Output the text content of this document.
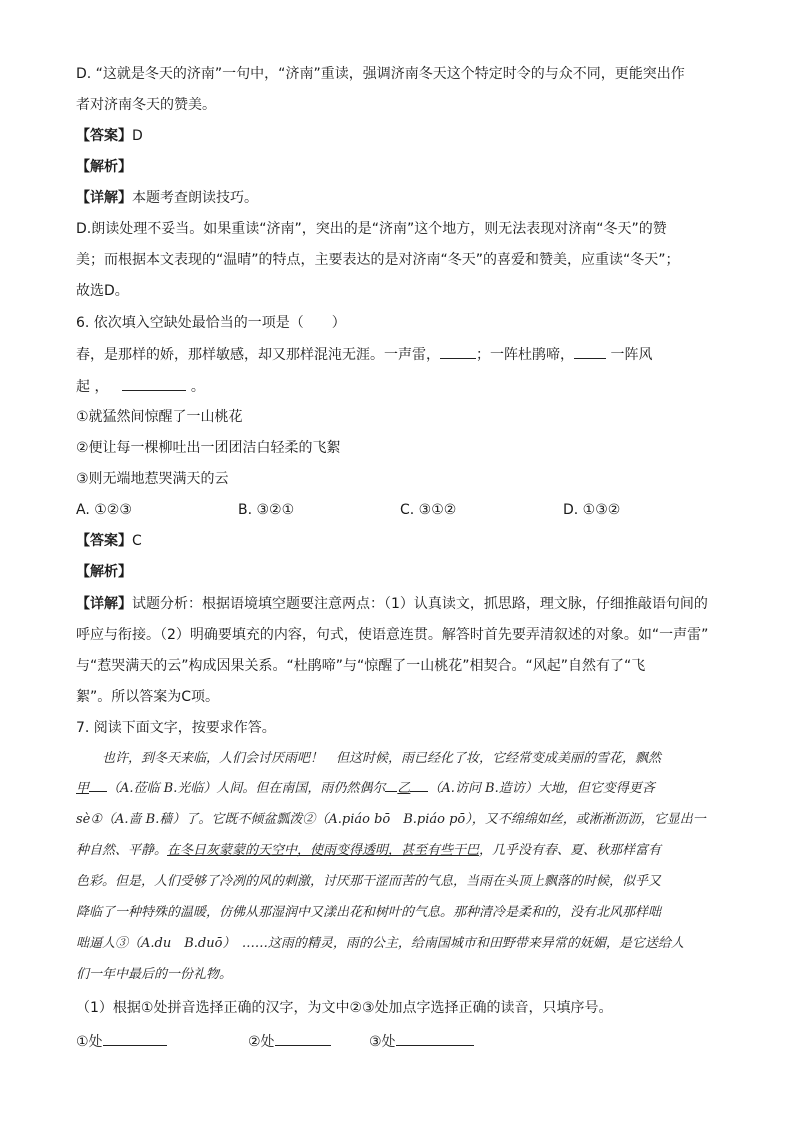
D. “这就是冬天的济南”一句中，“济南”重读，强调济南冬天这个特定时令的与众不同，更能突出作
者对济南冬天的赞美。
【答案】D
【解析】
【详解】本题考查朗读技巧。
D.朗读处理不妥当。如果重读“济南”，突出的是“济南”这个地方，则无法表现对济南“冬天”的赞
美；而根据本文表现的“温晴”的特点，主要表达的是对济南“冬天”的喜爱和赞美，应重读“冬天”；
故选D。
6. 依次填入空缺处最恰当的一项是（　　）
春，是那样的娇，那样敏感，却又那样混沌无涯。一声雷，	；一阵杜鹃啼， 一阵风
起 ，	。
①就猛然间惊醒了一山桃花
②便让每一棵柳吐出一团团洁白轻柔的飞絮
③则无端地惹哭满天的云
A. ①②③	B. ③②①	C. ③①②	D. ①③②
【答案】C
【解析】
【详解】试题分析：根据语境填空题要注意两点：（1）认真读文，抓思路，理文脉，仔细推敲语句间的
呼应与衔接。（2）明确要填充的内容，句式，使语意连贯。解答时首先要弄清叙述的对象。如“一声雷”
与“惹哭满天的云”构成因果关系。“杜鹃啼”与“惊醒了一山桃花”相契合。“风起”自然有了“飞
絮”。所以答案为C项。
7. 阅读下面文字，按要求作答。
　　也许，到冬天来临，人们会讨厌雨吧！　但这时候，雨已经化了妆，它经常变成美丽的雪花，飘然
甲 （A.莅临 B.光临）人间。但在南国，雨仍然偶尔 乙 （A.访问 B.造访）大地，但它变得更吝
sè①（A.啬 B.穑）了。它既不倾盆瓢泼②（A.piáo bō　B.piáo pō），又不绵绵如丝，或淅淅沥沥，它显出一
种自然、平静。在冬日灰蒙蒙的天空中，使雨变得透明，甚至有些干巴，几乎没有春、夏、秋那样富有
色彩。但是，人们受够了冷冽的风的刺激，讨厌那干涩而苦的气息，当雨在头顶上飘落的时候，似乎又
降临了一种特殊的温暖，仿佛从那湿润中又漾出花和树叶的气息。那种清冷是柔和的，没有北风那样咄
咄逼人③（A.du　B.duō）　……这雨的精灵，雨的公主，给南国城市和田野带来异常的妩媚，是它送给人
们一年中最后的一份礼物。
（1）根据①处拼音选择正确的汉字，为文中②③处加点字选择正确的读音，只填序号。
①处	②处	③处
